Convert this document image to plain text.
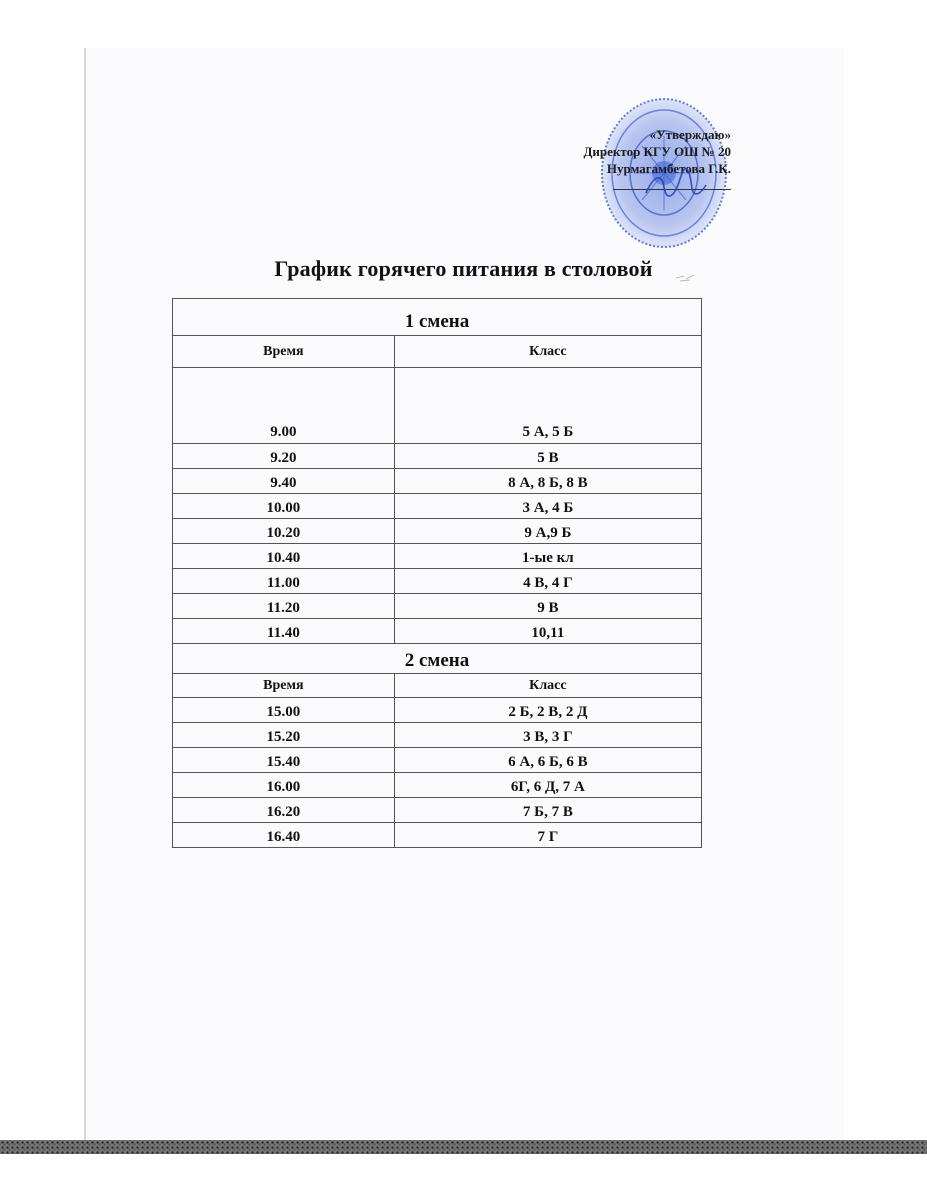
«Утверждаю»
Директор КГУ ОШ № 20
Нурмагамбетова Г.К.
График горячего питания в столовой
1 смена	
Время	Класс
9.00	5 А, 5 Б
9.20	5 В
9.40	8 А, 8 Б, 8 В
10.00	3 А, 4 Б
10.20	9 А,9 Б
10.40	1-ые кл
11.00	4 В, 4 Г
11.20	9 В
11.40	10,11
2 смена	
Время	Класс
15.00	2 Б, 2 В, 2 Д
15.20	3 В, 3 Г
15.40	6 А, 6 Б, 6 В
16.00	6Г, 6 Д, 7 А
16.20	7 Б, 7 В
16.40	7 Г
